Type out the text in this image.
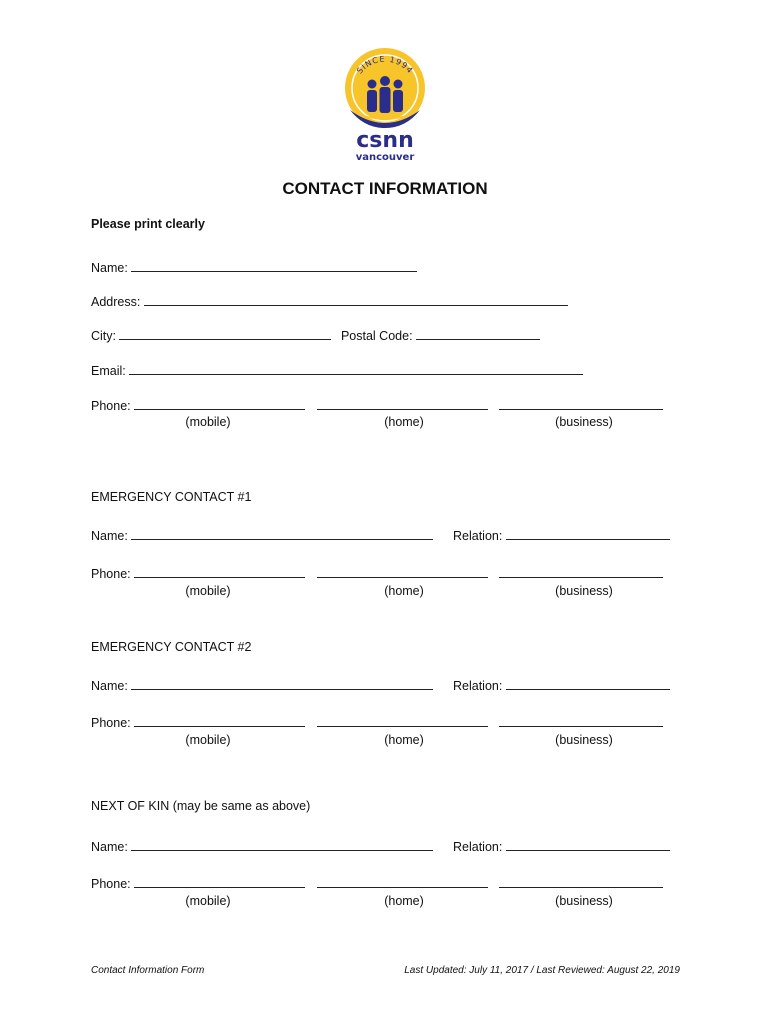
SINCE 1994
csnn
vancouver
CONTACT INFORMATION
Please print clearly
Name:
Address:
City:	Postal Code:
Email:
Phone:
(mobile)	(home)	(business)
EMERGENCY CONTACT #1
Name:	Relation:
Phone:
(mobile)	(home)	(business)
EMERGENCY CONTACT #2
Name:	Relation:
Phone:
(mobile)	(home)	(business)
NEXT OF KIN (may be same as above)
Name:	Relation:
Phone:
(mobile)	(home)	(business)
Contact Information Form	Last Updated: July 11, 2017 / Last Reviewed: August 22, 2019
